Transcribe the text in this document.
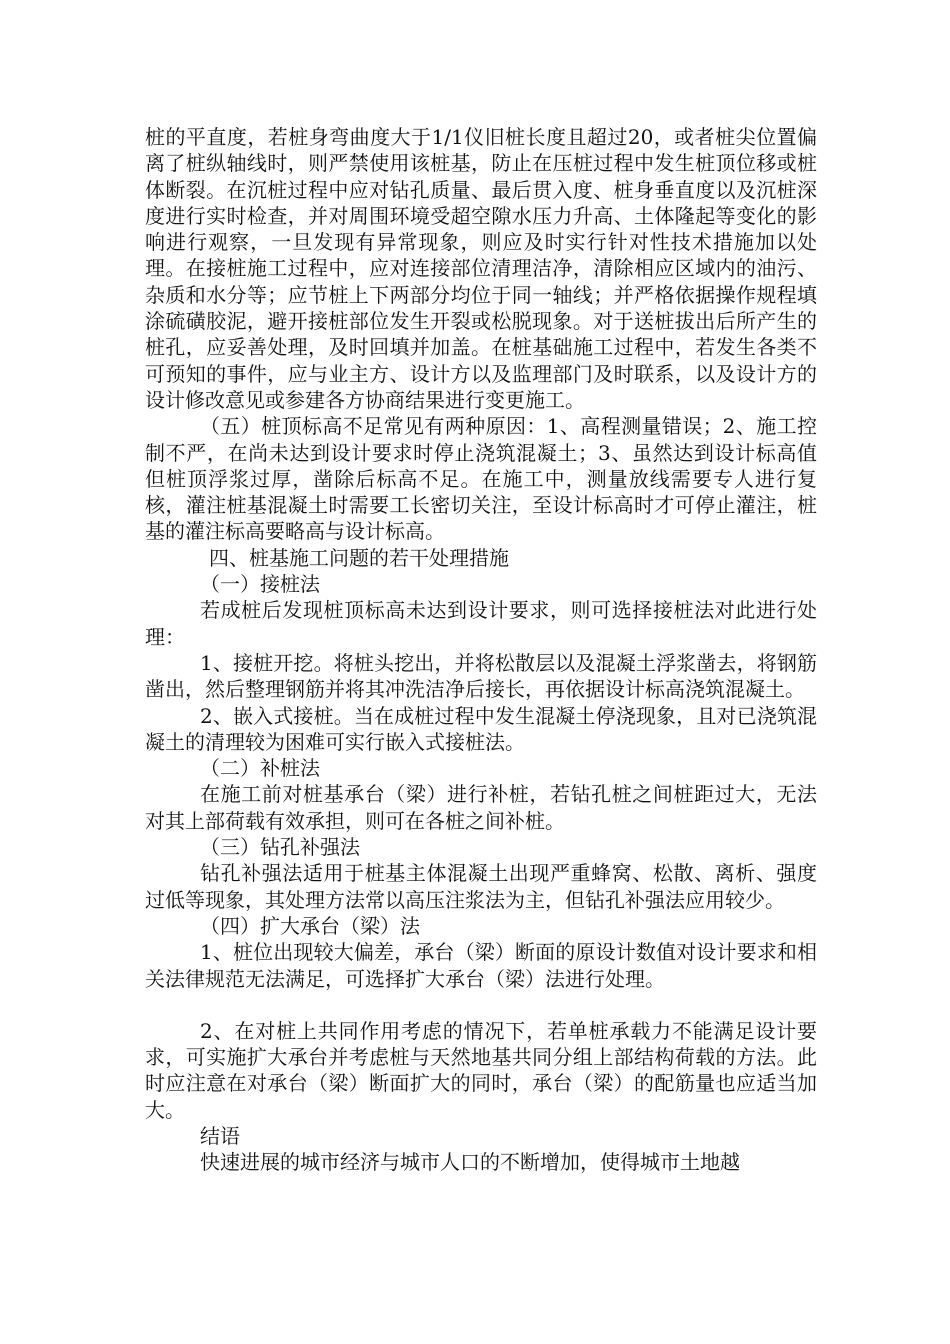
桩的平直度，若桩身弯曲度大于1/1仪旧桩长度且超过20，或者桩尖位置偏离了桩纵轴线时，则严禁使用该桩基，防止在压桩过程中发生桩顶位移或桩体断裂。在沉桩过程中应对钻孔质量、最后贯入度、桩身垂直度以及沉桩深度进行实时检查，并对周围环境受超空隙水压力升高、土体隆起等变化的影响进行观察，一旦发现有异常现象，则应及时实行针对性技术措施加以处理。在接桩施工过程中，应对连接部位清理洁净，清除相应区域内的油污、杂质和水分等；应节桩上下两部分均位于同一轴线；并严格依据操作规程填涂硫磺胶泥，避开接桩部位发生开裂或松脱现象。对于送桩拔出后所产生的桩孔，应妥善处理，及时回填并加盖。在桩基础施工过程中，若发生各类不可预知的事件，应与业主方、设计方以及监理部门及时联系，以及设计方的设计修改意见或参建各方协商结果进行变更施工。

（五）桩顶标高不足常见有两种原因：1、高程测量错误；2、施工控制不严，在尚未达到设计要求时停止浇筑混凝土；3、虽然达到设计标高值但桩顶浮浆过厚，凿除后标高不足。在施工中，测量放线需要专人进行复核，灌注桩基混凝土时需要工长密切关注，至设计标高时才可停止灌注，桩基的灌注标高要略高与设计标高。

四、桩基施工问题的若干处理措施

（一）接桩法

若成桩后发现桩顶标高未达到设计要求，则可选择接桩法对此进行处理：

1、接桩开挖。将桩头挖出，并将松散层以及混凝土浮浆凿去，将钢筋凿出，然后整理钢筋并将其冲洗洁净后接长，再依据设计标高浇筑混凝土。

2、嵌入式接桩。当在成桩过程中发生混凝土停浇现象，且对已浇筑混凝土的清理较为困难可实行嵌入式接桩法。

（二）补桩法

在施工前对桩基承台（梁）进行补桩，若钻孔桩之间桩距过大，无法对其上部荷载有效承担，则可在各桩之间补桩。

（三）钻孔补强法

钻孔补强法适用于桩基主体混凝土出现严重蜂窝、松散、离析、强度过低等现象，其处理方法常以高压注浆法为主，但钻孔补强法应用较少。

（四）扩大承台（梁）法

1、桩位出现较大偏差，承台（梁）断面的原设计数值对设计要求和相关法律规范无法满足，可选择扩大承台（梁）法进行处理。

2、在对桩上共同作用考虑的情况下，若单桩承载力不能满足设计要求，可实施扩大承台并考虑桩与天然地基共同分组上部结构荷载的方法。此时应注意在对承台（梁）断面扩大的同时，承台（梁）的配筋量也应适当加大。

结语

快速进展的城市经济与城市人口的不断增加，使得城市土地越
